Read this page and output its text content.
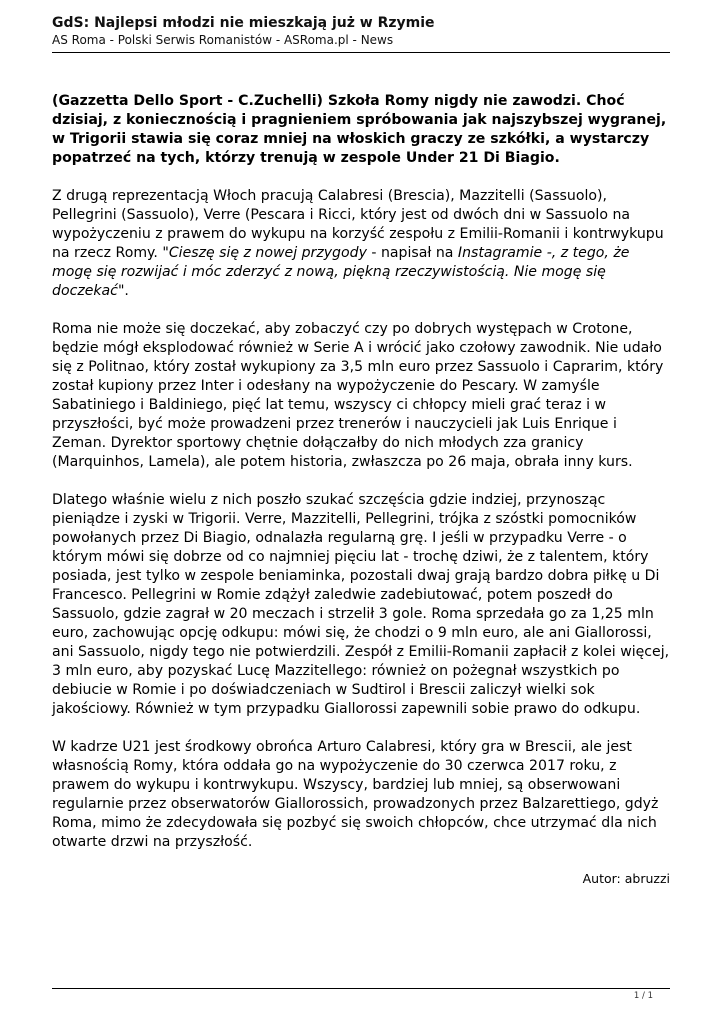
GdS: Najlepsi młodzi nie mieszkają już w Rzymie
AS Roma - Polski Serwis Romanistów - ASRoma.pl - News

(Gazzetta Dello Sport - C.Zuchelli) Szkoła Romy nigdy nie zawodzi. Choć dzisiaj, z koniecznością i pragnieniem spróbowania jak najszybszej wygranej, w Trigorii stawia się coraz mniej na włoskich graczy ze szkółki, a wystarczy popatrzeć na tych, którzy trenują w zespole Under 21 Di Biagio.

Z drugą reprezentacją Włoch pracują Calabresi (Brescia), Mazzitelli (Sassuolo), Pellegrini (Sassuolo), Verre (Pescara i Ricci, który jest od dwóch dni w Sassuolo na wypożyczeniu z prawem do wykupu na korzyść zespołu z Emilii-Romanii i kontrwykupu na rzecz Romy. "Cieszę się z nowej przygody - napisał na Instagramie -, z tego, że mogę się rozwijać i móc zderzyć z nową, piękną rzeczywistością. Nie mogę się doczekać".

Roma nie może się doczekać, aby zobaczyć czy po dobrych występach w Crotone, będzie mógł eksplodować również w Serie A i wrócić jako czołowy zawodnik. Nie udało się z Politnao, który został wykupiony za 3,5 mln euro przez Sassuolo i Caprarim, który został kupiony przez Inter i odesłany na wypożyczenie do Pescary. W zamyśle Sabatiniego i Baldiniego, pięć lat temu, wszyscy ci chłopcy mieli grać teraz i w przyszłości, być może prowadzeni przez trenerów i nauczycieli jak Luis Enrique i Zeman. Dyrektor sportowy chętnie dołączałby do nich młodych zza granicy (Marquinhos, Lamela), ale potem historia, zwłaszcza po 26 maja, obrała inny kurs.

Dlatego właśnie wielu z nich poszło szukać szczęścia gdzie indziej, przynosząc pieniądze i zyski w Trigorii. Verre, Mazzitelli, Pellegrini, trójka z szóstki pomocników powołanych przez Di Biagio, odnalazła regularną grę. I jeśli w przypadku Verre - o którym mówi się dobrze od co najmniej pięciu lat - trochę dziwi, że z talentem, który posiada, jest tylko w zespole beniaminka, pozostali dwaj grają bardzo dobra piłkę u Di Francesco. Pellegrini w Romie zdążył zaledwie zadebiutować, potem poszedł do Sassuolo, gdzie zagrał w 20 meczach i strzelił 3 gole. Roma sprzedała go za 1,25 mln euro, zachowując opcję odkupu: mówi się, że chodzi o 9 mln euro, ale ani Giallorossi, ani Sassuolo, nigdy tego nie potwierdzili. Zespół z Emilii-Romanii zapłacił z kolei więcej, 3 mln euro, aby pozyskać Lucę Mazzitellego: również on pożegnał wszystkich po debiucie w Romie i po doświadczeniach w Sudtirol i Brescii zaliczył wielki sok jakościowy. Również w tym przypadku Giallorossi zapewnili sobie prawo do odkupu.

W kadrze U21 jest środkowy obrońca Arturo Calabresi, który gra w Brescii, ale jest własnością Romy, która oddała go na wypożyczenie do 30 czerwca 2017 roku, z prawem do wykupu i kontrwykupu. Wszyscy, bardziej lub mniej, są obserwowani regularnie przez obserwatorów Giallorossich, prowadzonych przez Balzarettiego, gdyż Roma, mimo że zdecydowała się pozbyć się swoich chłopców, chce utrzymać dla nich otwarte drzwi na przyszłość.

Autor: abruzzi
1 / 1
